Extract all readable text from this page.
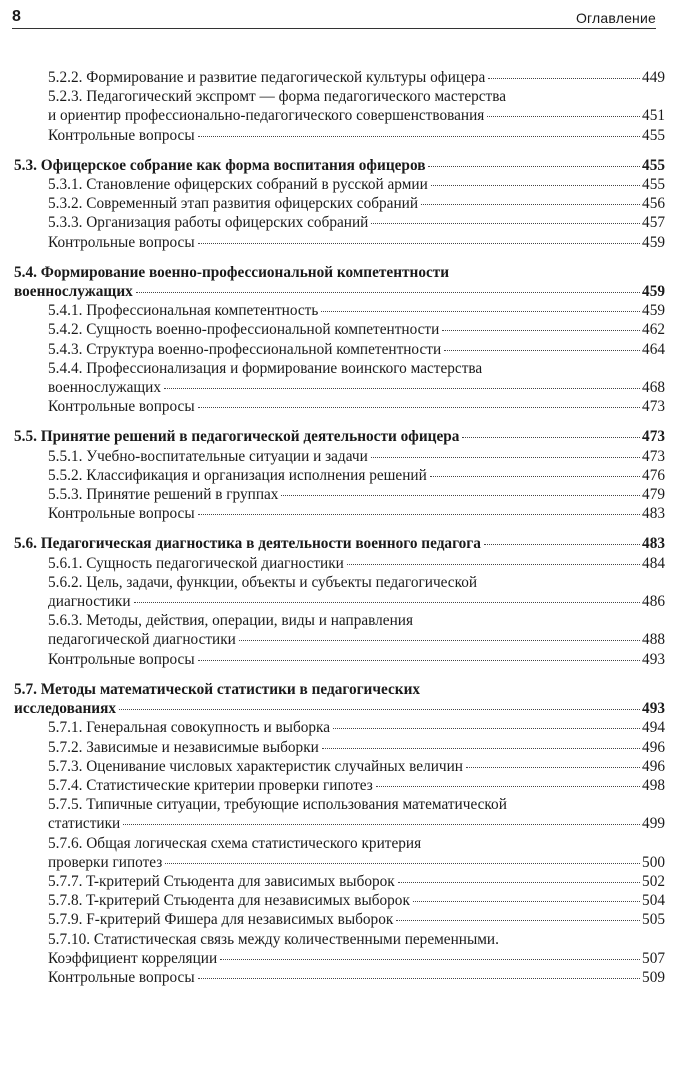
8	Оглавление
5.2.2. Формирование и развитие педагогической культуры офицера	449
5.2.3. Педагогический экспромт — форма педагогического мастерства
и ориентир профессионально-педагогического совершенствования	451
Контрольные вопросы	455
5.3. Офицерское собрание как форма воспитания офицеров	455
5.3.1. Становление офицерских собраний в русской армии	455
5.3.2. Современный этап развития офицерских собраний	456
5.3.3. Организация работы офицерских собраний	457
Контрольные вопросы	459
5.4. Формирование военно-профессиональной компетентности
военнослужащих	459
5.4.1. Профессиональная компетентность	459
5.4.2. Сущность военно-профессиональной компетентности	462
5.4.3. Структура военно-профессиональной компетентности	464
5.4.4. Профессионализация и формирование воинского мастерства
военнослужащих	468
Контрольные вопросы	473
5.5. Принятие решений в педагогической деятельности офицера	473
5.5.1. Учебно-воспитательные ситуации и задачи	473
5.5.2. Классификация и организация исполнения решений	476
5.5.3. Принятие решений в группах	479
Контрольные вопросы	483
5.6. Педагогическая диагностика в деятельности военного педагога	483
5.6.1. Сущность педагогической диагностики	484
5.6.2. Цель, задачи, функции, объекты и субъекты педагогической
диагностики	486
5.6.3. Методы, действия, операции, виды и направления
педагогической диагностики	488
Контрольные вопросы	493
5.7. Методы математической статистики в педагогических
исследованиях	493
5.7.1. Генеральная совокупность и выборка	494
5.7.2. Зависимые и независимые выборки	496
5.7.3. Оценивание числовых характеристик случайных величин	496
5.7.4. Статистические критерии проверки гипотез	498
5.7.5. Типичные ситуации, требующие использования математической
статистики	499
5.7.6. Общая логическая схема статистического критерия
проверки гипотез	500
5.7.7. T-критерий Стьюдента для зависимых выборок	502
5.7.8. T-критерий Стьюдента для независимых выборок	504
5.7.9. F-критерий Фишера для независимых выборок	505
5.7.10. Статистическая связь между количественными переменными.
Коэффициент корреляции	507
Контрольные вопросы	509
